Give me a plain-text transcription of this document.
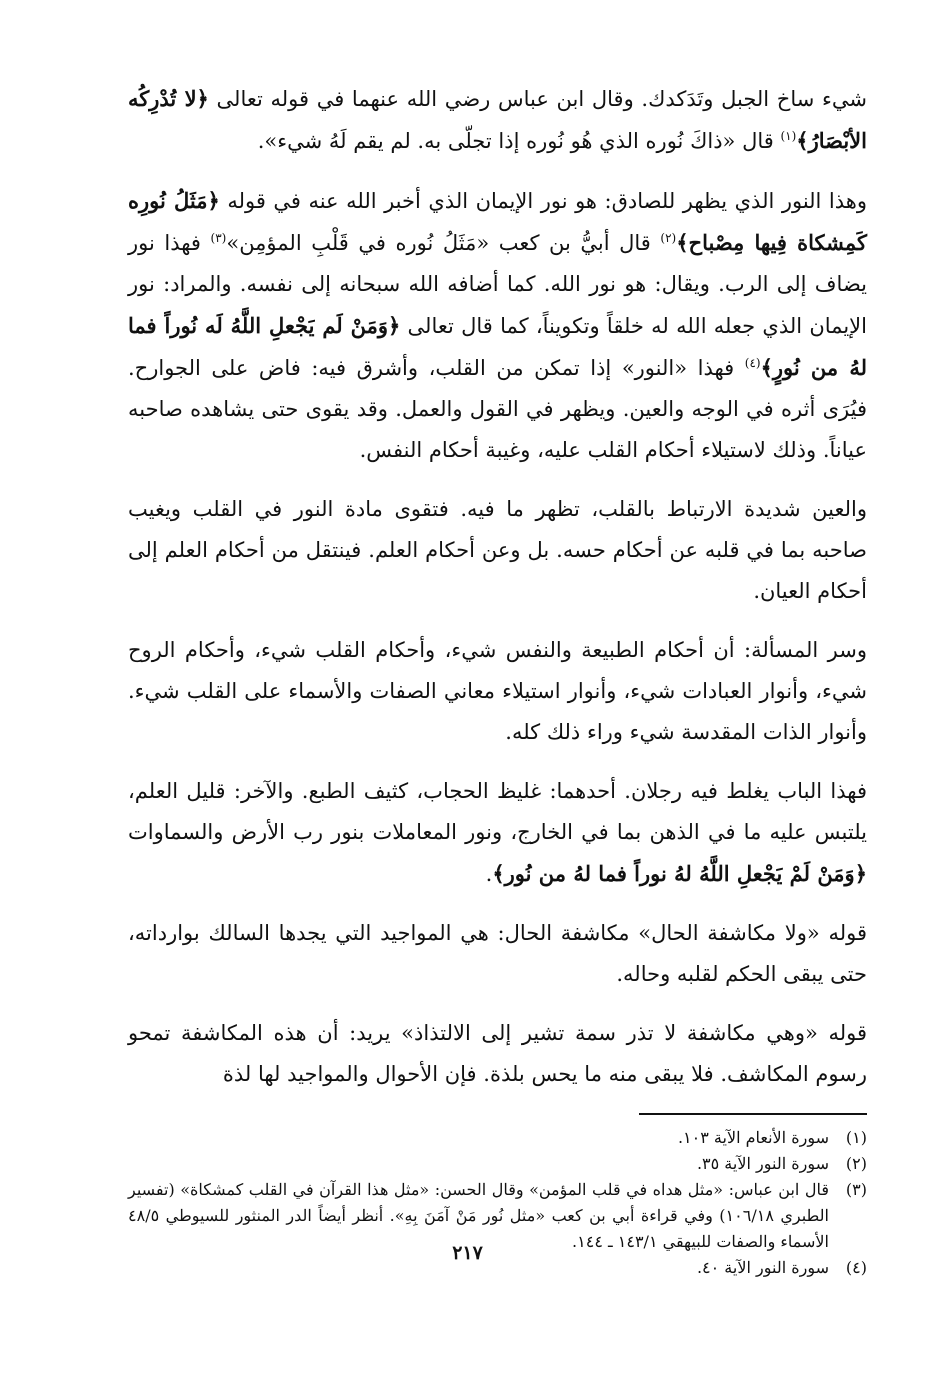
شيء ساخ الجبل وتَدَكدك. وقال ابن عباس رضي الله عنهما في قوله تعالى ﴿لا تُدْرِكُه الأبْصَارُ﴾$^{(١)}$ قال «ذاكَ نُوره الذي هُو نُوره إذا تجلّى به. لم يقم لَهُ شيء».

وهذا النور الذي يظهر للصادق: هو نور الإيمان الذي أخبر الله عنه في قوله ﴿مَثَلُ نُورِه كَمِشكاة فِيها مِصْباح﴾$^{(٢)}$ قال أبيُّ بن كعب «مَثَلُ نُوره في قَلْبِ المؤمِن»$^{(٣)}$ فهذا نور يضاف إلى الرب. ويقال: هو نور الله. كما أضافه الله سبحانه إلى نفسه. والمراد: نور الإيمان الذي جعله الله له خلقاً وتكويناً، كما قال تعالى ﴿وَمَنْ لَم يَجْعلِ اللَّهُ لَه نُوراً فما لهُ من نُورٍ﴾$^{(٤)}$ فهذا «النور» إذا تمكن من القلب، وأشرق فيه: فاض على الجوارح. فيُرَى أثره في الوجه والعين. ويظهر في القول والعمل. وقد يقوى حتى يشاهده صاحبه عياناً. وذلك لاستيلاء أحكام القلب عليه، وغيبة أحكام النفس.

والعين شديدة الارتباط بالقلب، تظهر ما فيه. فتقوى مادة النور في القلب ويغيب صاحبه بما في قلبه عن أحكام حسه. بل وعن أحكام العلم. فينتقل من أحكام العلم إلى أحكام العيان.

وسر المسألة: أن أحكام الطبيعة والنفس شيء، وأحكام القلب شيء، وأحكام الروح شيء، وأنوار العبادات شيء، وأنوار استيلاء معاني الصفات والأسماء على القلب شيء. وأنوار الذات المقدسة شيء وراء ذلك كله.

فهذا الباب يغلط فيه رجلان. أحدهما: غليظ الحجاب، كثيف الطبع. والآخر: قليل العلم، يلتبس عليه ما في الذهن بما في الخارج، ونور المعاملات بنور رب الأرض والسماوات ﴿وَمَنْ لَمْ يَجْعلِ اللَّهُ لهُ نوراً فما لهُ من نُور﴾.

قوله «ولا مكاشفة الحال» مكاشفة الحال: هي المواجيد التي يجدها السالك بوارداته، حتى يبقى الحكم لقلبه وحاله.

قوله «وهي مكاشفة لا تذر سمة تشير إلى الالتذاذ» يريد: أن هذه المكاشفة تمحو رسوم المكاشف. فلا يبقى منه ما يحس بلذة. فإن الأحوال والمواجيد لها لذة

(١)
سورة الأنعام الآية ١٠٣.
(٢)
سورة النور الآية ٣٥.
(٣)
قال ابن عباس: «مثل هداه في قلب المؤمن» وقال الحسن: «مثل هذا القرآن في القلب كمشكاة» (تفسير الطبري ١٠٦/١٨) وفي قراءة أبي بن كعب «مثل نُور مَنْ آمَنَ بِهِ». أنظر أيضاً الدر المنثور للسيوطي ٤٨/٥ الأسماء والصفات للبيهقي ١٤٣/١ ـ ١٤٤.
(٤)
سورة النور الآية ٤٠.
٢١٧
